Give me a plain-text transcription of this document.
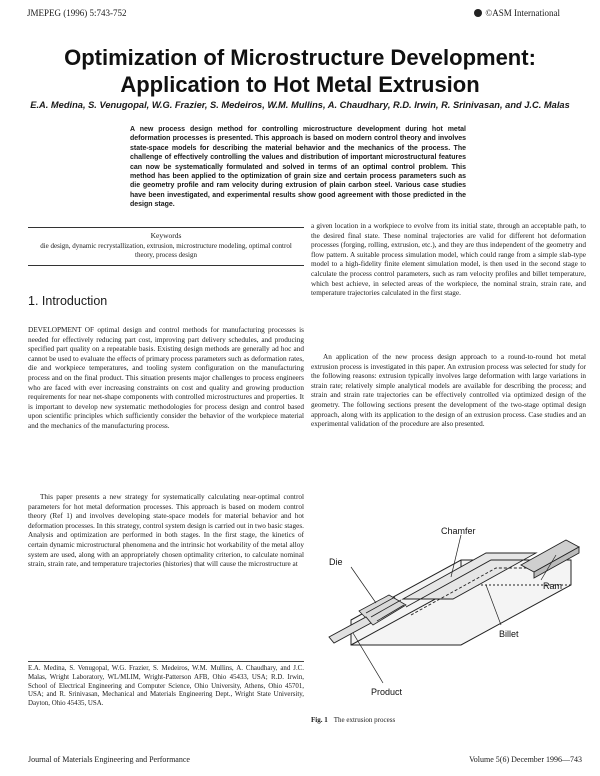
JMEPEG (1996) 5:743-752	©ASM International
Optimization of Microstructure Development:
Application to Hot Metal Extrusion
E.A. Medina, S. Venugopal, W.G. Frazier, S. Medeiros, W.M. Mullins, A. Chaudhary, R.D. Irwin, R. Srinivasan, and J.C. Malas
A new process design method for controlling microstructure development during hot metal deformation processes is presented. This approach is based on modern control theory and involves state-space models for describing the material behavior and the mechanics of the process. The challenge of effectively controlling the values and distribution of important microstructural features can now be systematically formulated and solved in terms of an optimal control problem. This method has been applied to the optimization of grain size and certain process parameters such as die geometry profile and ram velocity during extrusion of plain carbon steel. Various case studies have been investigated, and experimental results show good agreement with those predicted in the design stage.
Keywords
die design, dynamic recrystallization, extrusion, microstructure modeling, optimal control theory, process design
1. Introduction

DEVELOPMENT OF optimal design and control methods for manufacturing processes is needed for effectively reducing part cost, improving part delivery schedules, and producing specified part quality on a repeatable basis. Existing design methods are generally ad hoc and cannot be used to evaluate the effects of primary process parameters such as deformation rates, die and workpiece temperatures, and tooling system configuration on the manufacturing process and on the final product. This situation presents major challenges to process engineers who are faced with ever increasing constraints on cost and quality and growing production requirements for near net-shape components with controlled microstructures and properties. It is important to develop new systematic methodologies for process design and control based upon scientific principles which sufficiently consider the behavior of the workpiece material and the mechanics of the manufacturing process.

This paper presents a new strategy for systematically calculating near-optimal control parameters for hot metal deformation processes. This approach is based on modern control theory (Ref 1) and involves developing state-space models for material behavior and hot deformation processes. In this strategy, control system design is carried out in two basic stages. Analysis and optimization are performed in both stages. In the first stage, the kinetics of certain dynamic microstructural phenomena and the intrinsic hot workability of the metal alloy system are used, along with an appropriately chosen optimality criterion, to calculate nominal strain, strain rate, and temperature trajectories (histories) that will cause the microstructure at

a given location in a workpiece to evolve from its initial state, through an acceptable path, to the desired final state. These nominal trajectories are valid for different hot deformation processes (forging, rolling, extrusion, etc.), and they are thus independent of the geometry and flow pattern. A suitable process simulation model, which could range from a simple slab-type model to a high-fidelity finite element simulation model, is then used in the second stage to calculate the process control parameters, such as ram velocity profiles and billet temperature, which best achieve, in selected areas of the workpiece, the nominal strain, strain rate, and temperature trajectories calculated in the first stage.

An application of the new process design approach to a round-to-round hot metal extrusion process is investigated in this paper. An extrusion process was selected for study for the following reasons: extrusion typically involves large deformation with large variations in strain rate; relatively simple analytical models are available for describing the process; and strain and strain rate trajectories can be effectively controlled via optimized design of the geometry. The following sections present the development of the two-stage optimal design approach, along with its application to the design of an extrusion process. Case studies and an experimental validation of the procedure are also presented.

E.A. Medina, S. Venugopal, W.G. Frazier, S. Medeiros, W.M. Mullins, A. Chaudhary, and J.C. Malas, Wright Laboratory, WL/MLIM, Wright-Patterson AFB, Ohio 45433, USA; R.D. Irwin, School of Electrical Engineering and Computer Science, Ohio University, Athens, Ohio 45701, USA; and R. Srinivasan, Mechanical and Materials Engineering Dept., Wright State University, Dayton, Ohio 45435, USA.
Chamfer
Die
Ram
Billet
Product
Fig. 1 The extrusion process
Journal of Materials Engineering and Performance	Volume 5(6) December 1996—743
